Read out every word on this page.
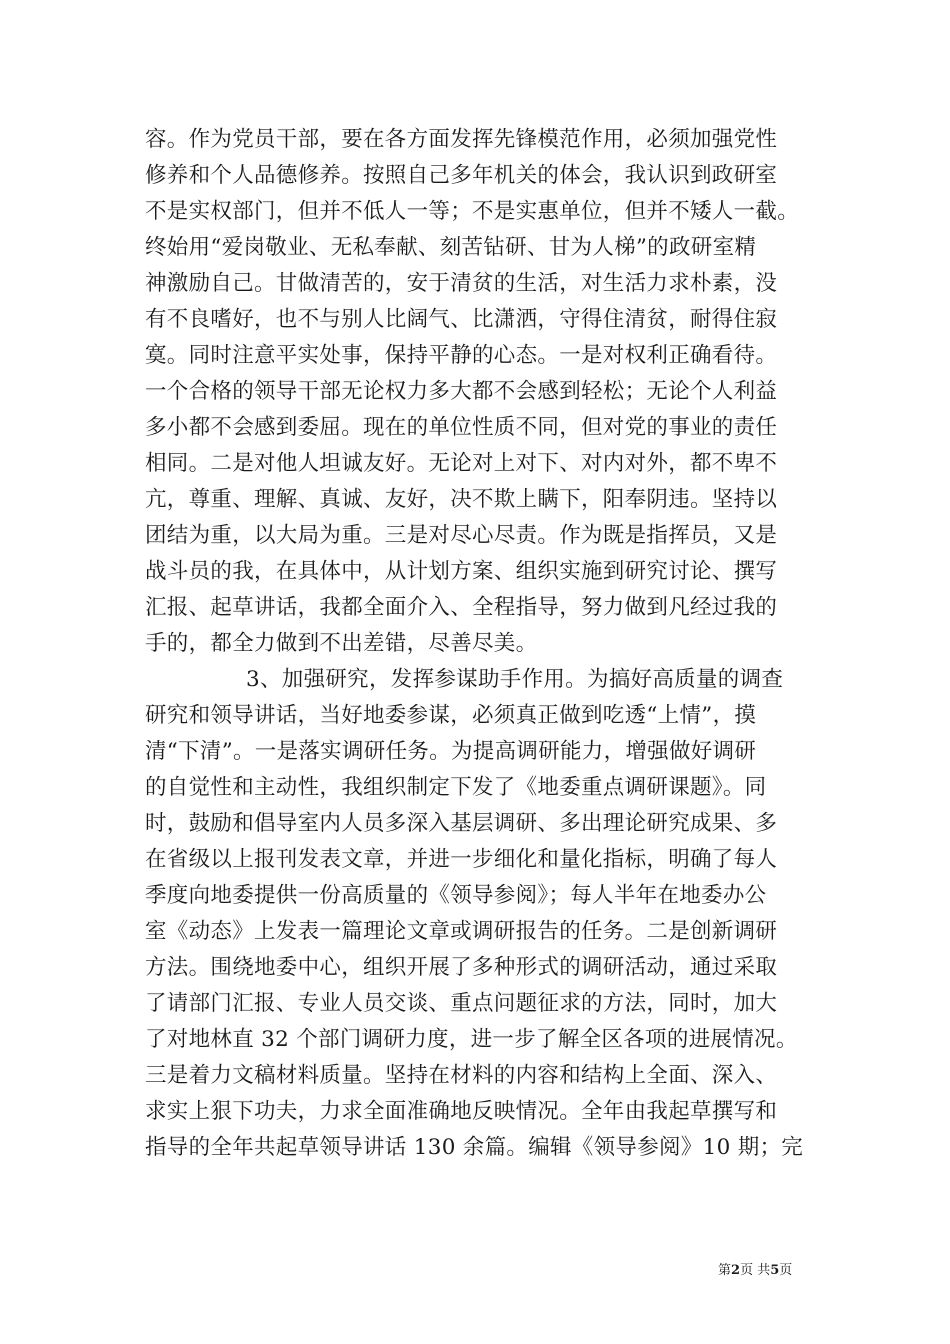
容。作为党员干部，要在各方面发挥先锋模范作用，必须加强党性
修养和个人品德修养。按照自己多年机关的体会，我认识到政研室
不是实权部门，但并不低人一等；不是实惠单位，但并不矮人一截。
终始用“爱岗敬业、无私奉献、刻苦钻研、甘为人梯”的政研室精
神激励自己。甘做清苦的，安于清贫的生活，对生活力求朴素，没
有不良嗜好，也不与别人比阔气、比潇洒，守得住清贫，耐得住寂
寞。同时注意平实处事，保持平静的心态。一是对权利正确看待。
一个合格的领导干部无论权力多大都不会感到轻松；无论个人利益
多小都不会感到委屈。现在的单位性质不同，但对党的事业的责任
相同。二是对他人坦诚友好。无论对上对下、对内对外，都不卑不
亢，尊重、理解、真诚、友好，决不欺上瞒下，阳奉阴违。坚持以
团结为重，以大局为重。三是对尽心尽责。作为既是指挥员，又是
战斗员的我，在具体中，从计划方案、组织实施到研究讨论、撰写
汇报、起草讲话，我都全面介入、全程指导，努力做到凡经过我的
手的，都全力做到不出差错，尽善尽美。
3、加强研究，发挥参谋助手作用。为搞好高质量的调查
研究和领导讲话，当好地委参谋，必须真正做到吃透“上情”，摸
清“下清”。一是落实调研任务。为提高调研能力，增强做好调研
的自觉性和主动性，我组织制定下发了《地委重点调研课题》。同
时，鼓励和倡导室内人员多深入基层调研、多出理论研究成果、多
在省级以上报刊发表文章，并进一步细化和量化指标，明确了每人
季度向地委提供一份高质量的《领导参阅》；每人半年在地委办公
室《动态》上发表一篇理论文章或调研报告的任务。二是创新调研
方法。围绕地委中心，组织开展了多种形式的调研活动，通过采取
了请部门汇报、专业人员交谈、重点问题征求的方法，同时，加大
了对地林直 32 个部门调研力度，进一步了解全区各项的进展情况。
三是着力文稿材料质量。坚持在材料的内容和结构上全面、深入、
求实上狠下功夫，力求全面准确地反映情况。全年由我起草撰写和
指导的全年共起草领导讲话 130 余篇。编辑《领导参阅》10 期；完
第2页 共5页
